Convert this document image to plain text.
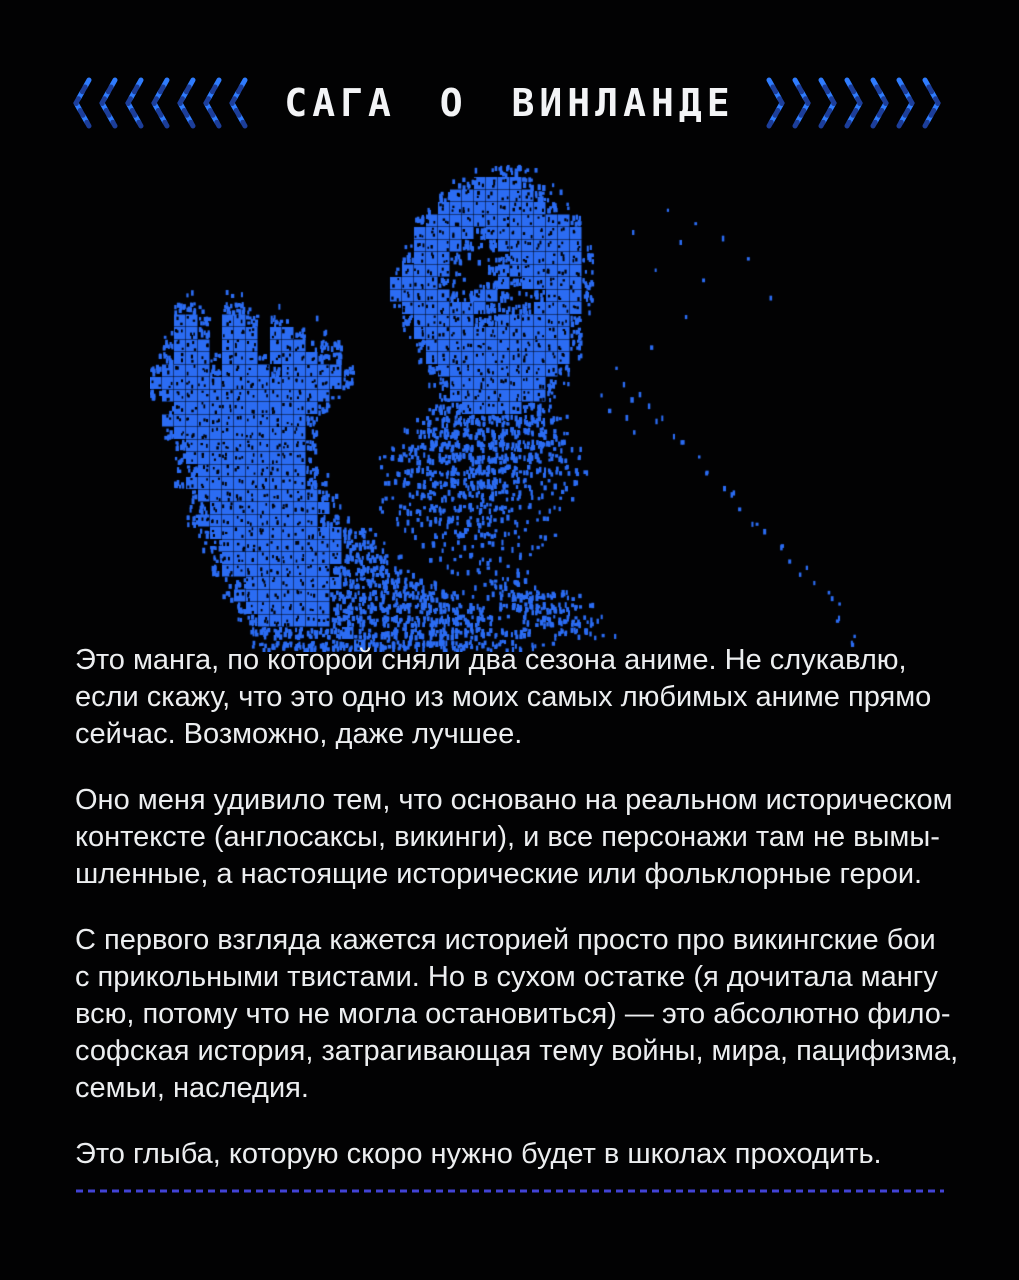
САГА О ВИНЛАНДЕ

Это манга, по которой сняли два сезона аниме. Не слукавлю,
если скажу, что это одно из моих самых любимых аниме прямо
сейчас. Возможно, даже лучшее.

Оно меня удивило тем, что основано на реальном историческом
контексте (англосаксы, викинги), и все персонажи там не вымы-
шленные, а настоящие исторические или фольклорные герои.

С первого взгляда кажется историей просто про викингские бои
с прикольными твистами. Но в сухом остатке (я дочитала мангу
всю, потому что не могла остановиться) — это абсолютно фило-
софская история, затрагивающая тему войны, мира, пацифизма,
семьи, наследия.

Это глыба, которую скоро нужно будет в школах проходить.
